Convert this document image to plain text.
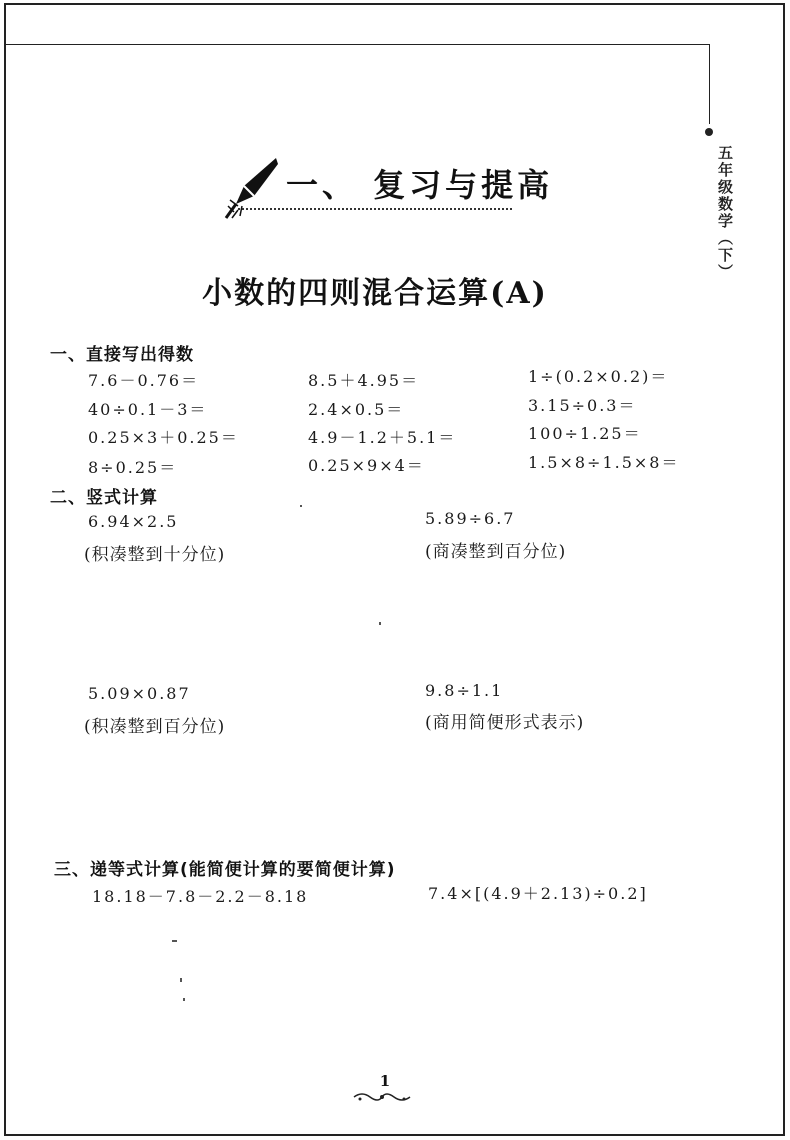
五年级数学（下）
一、 复习与提高
小数的四则混合运算(A)
一、直接写出得数
7.6－0.76＝	8.5＋4.95＝	1÷(0.2×0.2)＝
40÷0.1－3＝	2.4×0.5＝	3.15÷0.3＝
0.25×3＋0.25＝	4.9－1.2＋5.1＝	100÷1.25＝
8÷0.25＝	0.25×9×4＝	1.5×8÷1.5×8＝
二、竖式计算
6.94×2.5
(积凑整到十分位)
5.89÷6.7
(商凑整到百分位)
5.09×0.87
(积凑整到百分位)
9.8÷1.1
(商用简便形式表示)
三、递等式计算(能简便计算的要简便计算)
18.18－7.8－2.2－8.18	7.4×[(4.9＋2.13)÷0.2]
1
